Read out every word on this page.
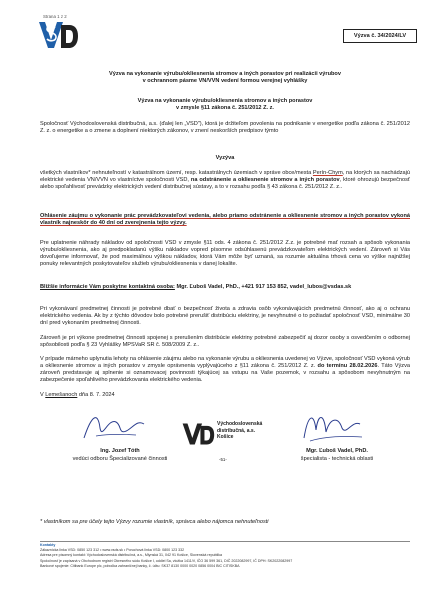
Strana 1 z 2
Výzva č. 34/2024/LV
Výzva na vykonanie výrubu/okliesnenia stromov a iných porastov pri realizácii výrubov
v ochrannom pásme VN/VVN vedení formou verejnej vyhlášky
Výzva na vykonanie výrubu/okliesnenia stromov a iných porastov
v zmysle §11 zákona č. 251/2012 Z. z.
Spoločnosť Východoslovenská distribučná, a.s. (ďalej len „VSD"), ktorá je držiteľom povolenia na podnikanie v energetike podľa zákona č. 251/2012 Z. z. o energetike a o zmene a doplnení niektorých zákonov, v znení neskorších predpisov týmto
Vyzýva
všetkých vlastníkov* nehnuteľností v katastrálnom území, resp. katastrálnych územiach v správe obce/mesta Perín-Chym, na ktorých sa nachádzajú elektrické vedenia VN/VVN vo vlastníctve spoločnosti VSD, na odstránenie a okliesnenie stromov a iných porastov, ktoré ohrozujú bezpečnosť alebo spoľahlivosť prevádzky elektrických vedení distribučnej sústavy, a to v rozsahu podľa § 43 zákona č. 251/2012 Z. z..
Ohlásenie záujmu o vykonanie prác prevádzkovateľovi vedenia, alebo priamo odstránenie a okliesnenie stromov a iných porastov vykoná vlastník najneskôr do 40 dní od zverejnenia tejto výzvy.
Pre uplatnenie náhrady nákladov od spoločnosti VSD v zmysle §11 ods. 4 zákona č. 251/2012 Z.z. je potrebné mať rozsah a spôsob vykonania výrubu/okliesnenia, ako aj predpokladanú výšku nákladov vopred písomne odsúhlasenú prevádzkovateľom elektrických vedení. Zároveň si Vás dovoľujeme informovať, že pod maximálnou výškou nákladov, ktorá Vám môže byť uznaná, sa rozumie aktuálna trhová cena vo výške najnižšej ponuky relevantných poskytovateľov služieb výrubu/okliesnenia v danej lokalite.
Bližšie informácie Vám poskytne kontaktná osoba: Mgr. Ľuboš Vadel, PhD., +421 917 153 852, vadel_lubos@vsdas.sk
Pri vykonávaní predmetnej činnosti je potrebné dbať o bezpečnosť života a zdravia osôb vykonávajúcich predmetnú činnosť, ako aj o ochranu elektrického vedenia. Ak by z týchto dôvodov bolo potrebné prerušiť distribúciu elektriny, je nevyhnutné o to požiadať spoločnosť VSD, minimálne 30 dní pred vykonaním predmetnej činnosti.
Zároveň je pri výkone predmetnej činnosti spojenej s prerušením distribúcie elektriny potrebné zabezpečiť aj dozor osoby s osvedčením o odbornej spôsobilosti podľa § 23 Vyhlášky MPSVaR SR č. 508/2009 Z. z..
V prípade márneho uplynutia lehoty na ohlásenie záujmu alebo na vykonanie výrubu a okliesnenia uvedenej vo Výzve, spoločnosť VSD vykoná výrub a okliesnenie stromov a iných porastov v zmysle oprávnenia vyplývajúceho z §11 zákona č. 251/2012 Z. z. do termínu 28.02.2026. Táto Výzva zároveň predstavuje aj splnenie si oznamovacej povinnosti týkajúcej sa vstupu na Vaše pozemok, v rozsahu a spôsobom nevyhnutným na zabezpečenie spoľahlivého prevádzkovania elektrického vedenia.
V Lemešanoch dňa 8. 7. 2024
Východoslovenská
distribučná, a.s.
Košice
-51-
Ing. Jozef Tóth
vedúci odboru Špecializované činnosti
Mgr. Ľuboš Vadel, PhD.
špecialista - technická oblasti
* vlastníkom sa pre účely tejto Výzvy rozumie vlastník, správca alebo nájomca nehnuteľnosti
Kontakty
Zákaznícka linka VSD: 0850 123 312 • www.vsds.sk • Poruchová linka VSD: 0800 123 332
Adresa pre písomný kontakt: Východoslovenská distribučná, a.s., Mlynská 31, 042 91 Košice, Slovenská republika
Spoločnosť je zapísaná v Obchodnom registri Okresného súdu Košice I, oddiel Sa, vložka 1411/V, IČO 36 599 361, DIČ 2022082997, IČ DPH: SK2022082997
Bankové spojenie: Citibank Europe plc, pobočka zahraničnej banky, č. účtu: SK37 8130 0000 0020 0856 0004 BIC CITISKBA
